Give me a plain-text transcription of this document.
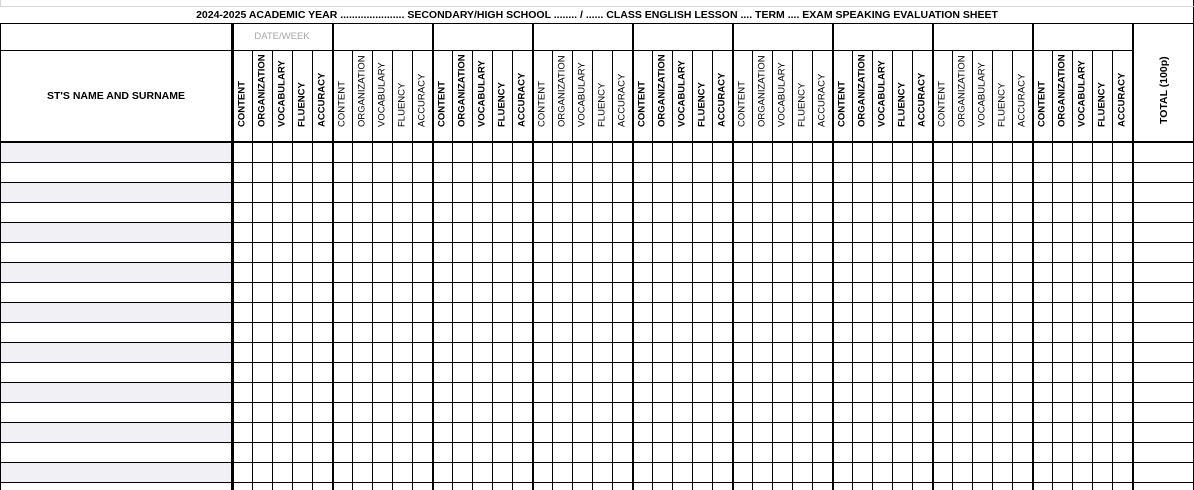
2024-2025 ACADEMIC YEAR ...................... SECONDARY/HIGH SCHOOL ........ / ...... CLASS ENGLISH LESSON .... TERM .... EXAM SPEAKING EVALUATION SHEET
DATE/WEEK
ST'S NAME AND SURNAME	TOTAL (100p)
CONTENT ORGANIZATION VOCABULARY FLUENCY ACCURACY CONTENT ORGANIZATION VOCABULARY FLUENCY ACCURACY CONTENT ORGANIZATION VOCABULARY FLUENCY ACCURACY CONTENT ORGANIZATION VOCABULARY FLUENCY ACCURACY CONTENT ORGANIZATION VOCABULARY FLUENCY ACCURACY CONTENT ORGANIZATION VOCABULARY FLUENCY ACCURACY CONTENT ORGANIZATION VOCABULARY FLUENCY ACCURACY CONTENT ORGANIZATION VOCABULARY FLUENCY ACCURACY CONTENT ORGANIZATION VOCABULARY FLUENCY ACCURACY
